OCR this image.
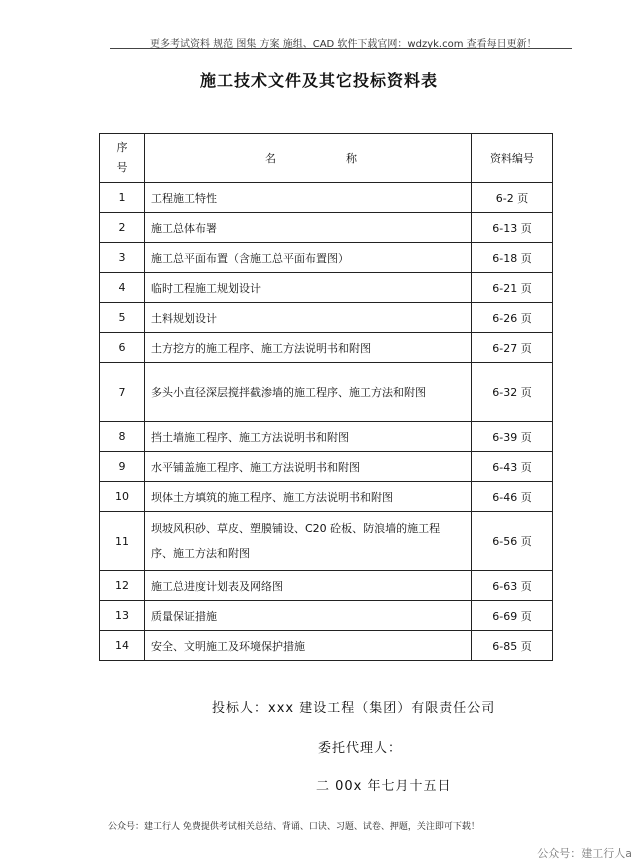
更多考试资料 规范 图集 方案 施组、CAD 软件下载官网：wdzyk.com 查看每日更新！
施工技术文件及其它投标资料表
序号	名称	资料编号
1	工程施工特性	6-2 页
2	施工总体布署	6-13 页
3	施工总平面布置（含施工总平面布置图）	6-18 页
4	临时工程施工规划设计	6-21 页
5	土料规划设计	6-26 页
6	土方挖方的施工程序、施工方法说明书和附图	6-27 页
7	多头小直径深层搅拌截渗墙的施工程序、施工方法和附图	6-32 页
8	挡土墙施工程序、施工方法说明书和附图	6-39 页
9	水平铺盖施工程序、施工方法说明书和附图	6-43 页
10	坝体土方填筑的施工程序、施工方法说明书和附图	6-46 页
11	坝坡风积砂、草皮、塑膜铺设、C20 砼板、防浪墙的施工程序、施工方法和附图	6-56 页
12	施工总进度计划表及网络图	6-63 页
13	质量保证措施	6-69 页
14	安全、文明施工及环境保护措施	6-85 页
投标人：xxx 建设工程（集团）有限责任公司
委托代理人：
二 00x 年七月十五日
公众号：建工行人 免费提供考试相关总结、背诵、口诀、习题、试卷、押题，关注即可下载！
公众号：建工行人a
